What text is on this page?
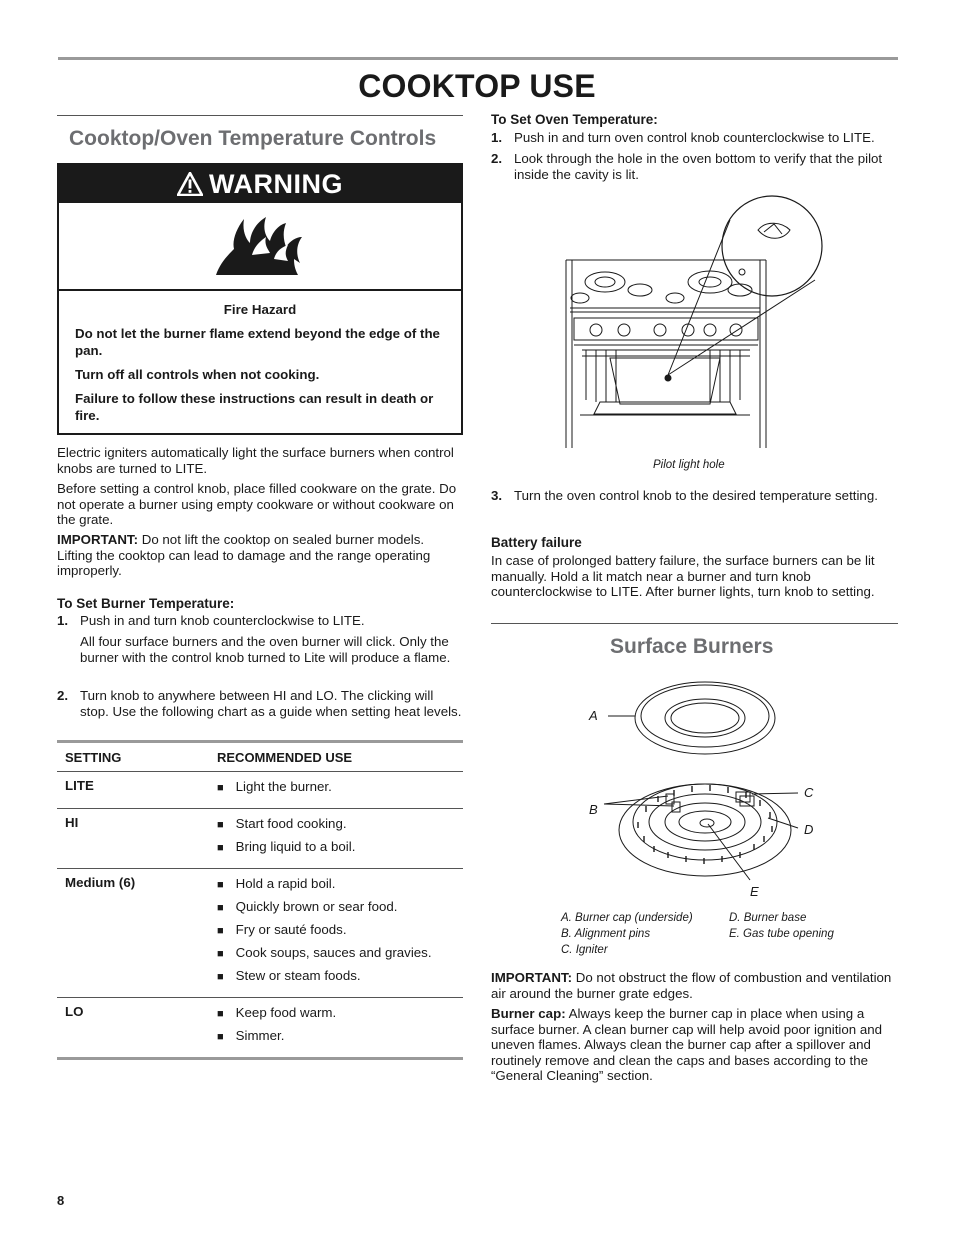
COOKTOP USE
Cooktop/Oven Temperature Controls
WARNING
Fire Hazard
Do not let the burner flame extend beyond the edge of the pan.
Turn off all controls when not cooking.
Failure to follow these instructions can result in death or fire.
Electric igniters automatically light the surface burners when control knobs are turned to LITE.
Before setting a control knob, place filled cookware on the grate. Do not operate a burner using empty cookware or without cookware on the grate.
IMPORTANT: Do not lift the cooktop on sealed burner models. Lifting the cooktop can lead to damage and the range operating improperly.
To Set Burner Temperature:
1. Push in and turn knob counterclockwise to LITE.
All four surface burners and the oven burner will click. Only the burner with the control knob turned to Lite will produce a flame.
2. Turn knob to anywhere between HI and LO. The clicking will stop. Use the following chart as a guide when setting heat levels.
SETTING	RECOMMENDED USE
LITE	■ Light the burner.
HI	■ Start food cooking.
■ Bring liquid to a boil.
Medium (6)	■ Hold a rapid boil.
■ Quickly brown or sear food.
■ Fry or sauté foods.
■ Cook soups, sauces and gravies.
■ Stew or steam foods.
LO	■ Keep food warm.
■ Simmer.
To Set Oven Temperature:
1. Push in and turn oven control knob counterclockwise to LITE.
2. Look through the hole in the oven bottom to verify that the pilot inside the cavity is lit.
Pilot light hole
3. Turn the oven control knob to the desired temperature setting.
Battery failure
In case of prolonged battery failure, the surface burners can be lit manually. Hold a lit match near a burner and turn knob counterclockwise to LITE. After burner lights, turn knob to setting.
Surface Burners
A
B
C
D
E
A. Burner cap (underside)
B. Alignment pins
C. Igniter
D. Burner base
E. Gas tube opening
IMPORTANT: Do not obstruct the flow of combustion and ventilation air around the burner grate edges.
Burner cap: Always keep the burner cap in place when using a surface burner. A clean burner cap will help avoid poor ignition and uneven flames. Always clean the burner cap after a spillover and routinely remove and clean the caps and bases according to the “General Cleaning” section.
8
